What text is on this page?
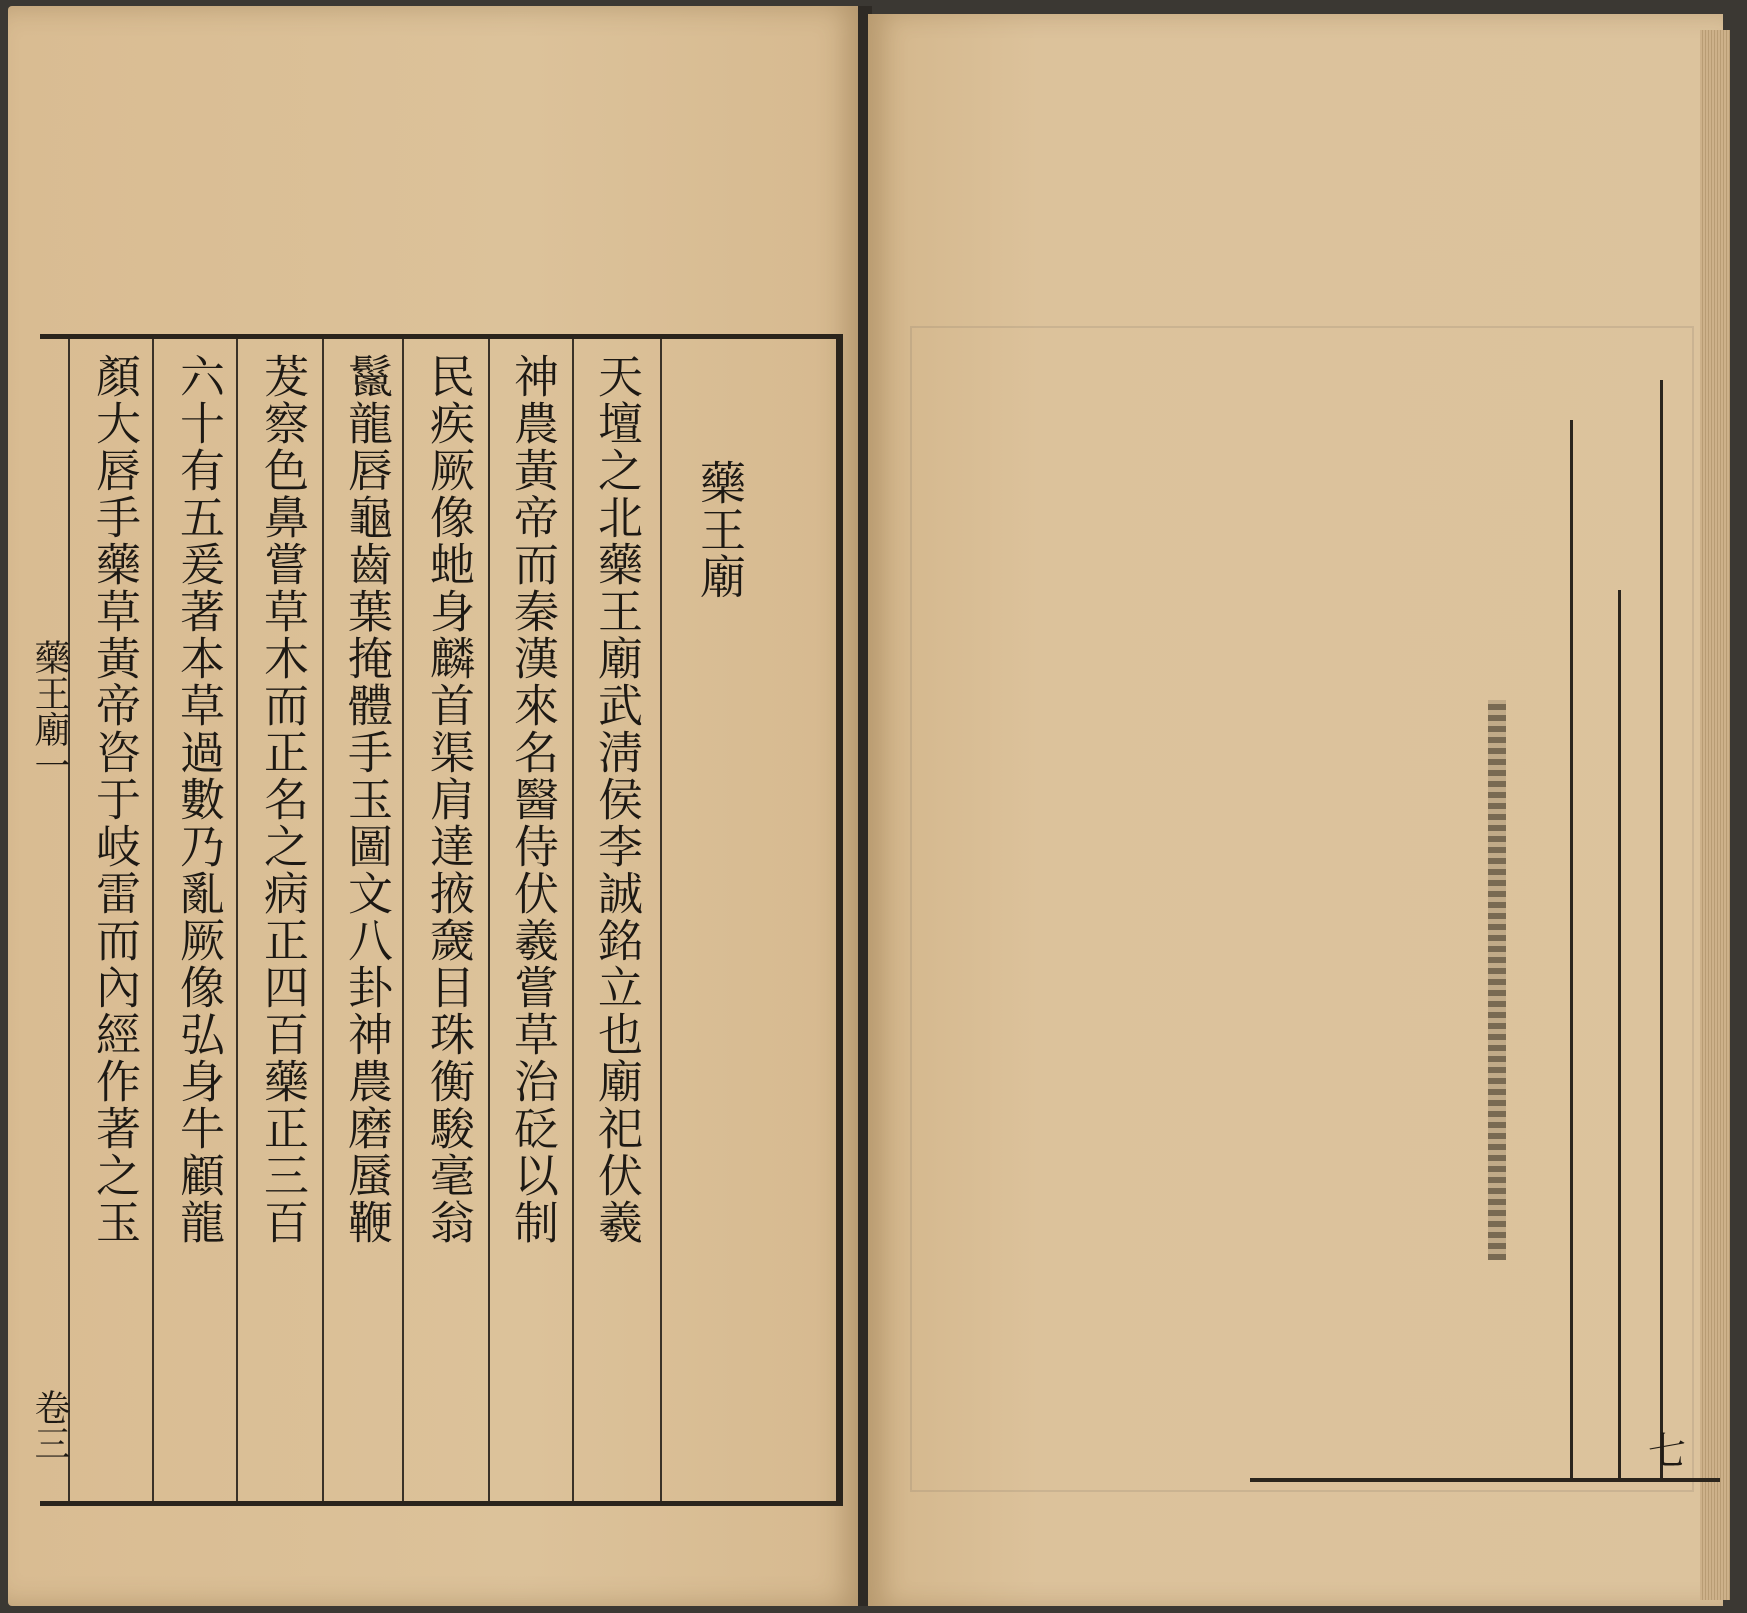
藥王廟
天壇之北藥王廟武淸侯李誠銘立也廟祀伏羲
神農黃帝而秦漢來名醫侍伏羲嘗草治砭以制
民疾厥像虵身麟首渠肩達掖奯目珠衡駿毫翁
鬣龍唇龜齒葉掩體手玉圖文八卦神農磨蜃鞭
茇察色鼻嘗草木而正名之病正四百藥正三百
六十有五爰著本草過數乃亂厥像弘身牛顧龍
顏大唇手藥草黃帝咨于岐雷而內經作著之玉
藥王廟一
卷三	七
